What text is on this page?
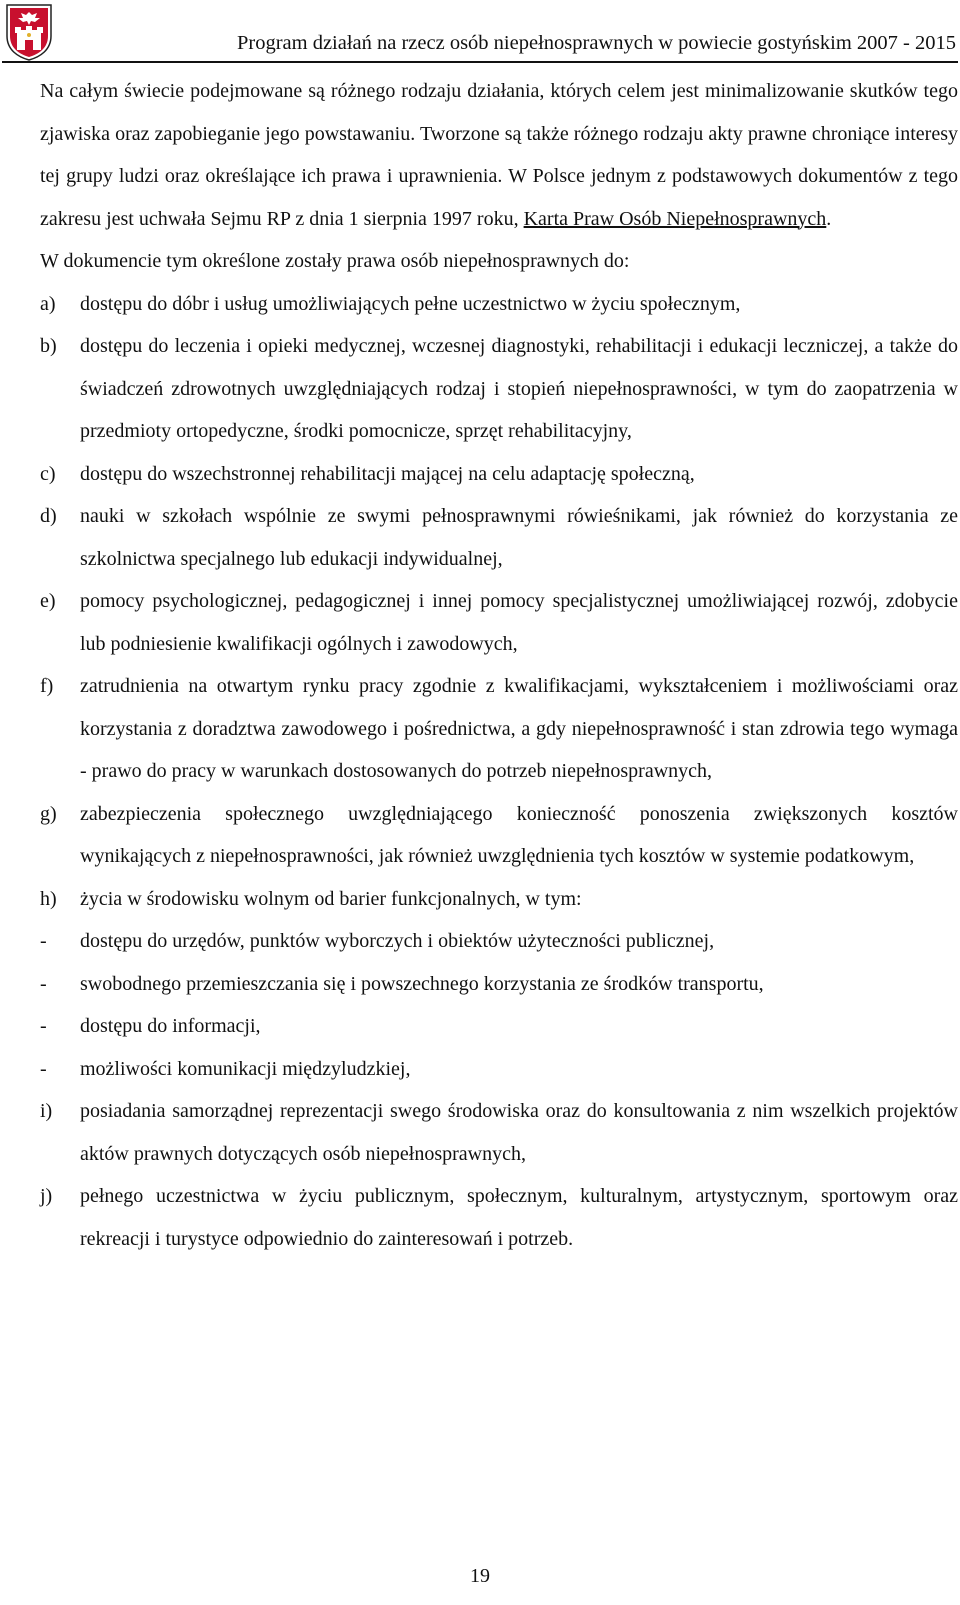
Program działań na rzecz osób niepełnosprawnych w powiecie gostyńskim 2007 - 2015

Na całym świecie podejmowane są różnego rodzaju działania, których celem jest minimalizowanie skutków tego zjawiska oraz zapobieganie jego powstawaniu. Tworzone są także różnego rodzaju akty prawne chroniące interesy tej grupy ludzi oraz określające ich prawa i uprawnienia. W Polsce jednym z podstawowych dokumentów z tego zakresu jest uchwała Sejmu RP z dnia 1 sierpnia 1997 roku, Karta Praw Osób Niepełnosprawnych.

W dokumencie tym określone zostały prawa osób niepełnosprawnych do:

a)	dostępu do dóbr i usług umożliwiających pełne uczestnictwo w życiu społecznym,
b)	dostępu do leczenia i opieki medycznej, wczesnej diagnostyki, rehabilitacji i edukacji leczniczej, a także do świadczeń zdrowotnych uwzględniających rodzaj i stopień niepełnosprawności, w tym do zaopatrzenia w przedmioty ortopedyczne, środki pomocnicze, sprzęt rehabilitacyjny,
c)	dostępu do wszechstronnej rehabilitacji mającej na celu adaptację społeczną,
d)	nauki w szkołach wspólnie ze swymi pełnosprawnymi rówieśnikami, jak również do korzystania ze szkolnictwa specjalnego lub edukacji indywidualnej,
e)	pomocy psychologicznej, pedagogicznej i innej pomocy specjalistycznej umożliwiającej rozwój, zdobycie lub podniesienie kwalifikacji ogólnych i zawodowych,
f)	zatrudnienia na otwartym rynku pracy zgodnie z kwalifikacjami, wykształceniem i możliwościami oraz korzystania z doradztwa zawodowego i pośrednictwa, a gdy niepełnosprawność i stan zdrowia tego wymaga - prawo do pracy w warunkach dostosowanych do potrzeb niepełnosprawnych,
g)	zabezpieczenia społecznego uwzględniającego konieczność ponoszenia zwiększonych kosztów wynikających z niepełnosprawności, jak również uwzględnienia tych kosztów w systemie podatkowym,
h)	życia w środowisku wolnym od barier funkcjonalnych, w tym:
-	dostępu do urzędów, punktów wyborczych i obiektów użyteczności publicznej,
-	swobodnego przemieszczania się i powszechnego korzystania ze środków transportu,
-	dostępu do informacji,
-	możliwości komunikacji międzyludzkiej,
i)	posiadania samorządnej reprezentacji swego środowiska oraz do konsultowania z nim wszelkich projektów aktów prawnych dotyczących osób niepełnosprawnych,
j)	pełnego uczestnictwa w życiu publicznym, społecznym, kulturalnym, artystycznym, sportowym oraz rekreacji i turystyce odpowiednio do zainteresowań i potrzeb.
19
